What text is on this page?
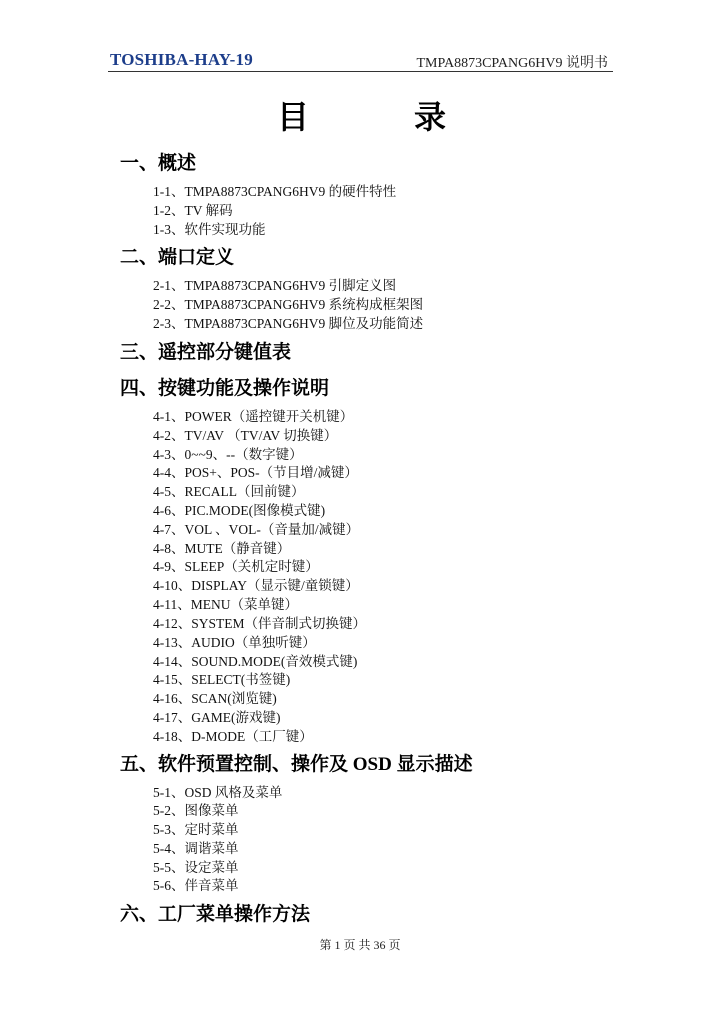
TOSHIBA-HAY-19	TMPA8873CPANG6HV9 说明书
目	录
一、概述
1-1、TMPA8873CPANG6HV9 的硬件特性
1-2、TV 解码
1-3、软件实现功能
二、端口定义
2-1、TMPA8873CPANG6HV9 引脚定义图
2-2、TMPA8873CPANG6HV9 系统构成框架图
2-3、TMPA8873CPANG6HV9 脚位及功能简述
三、遥控部分键值表
四、按键功能及操作说明
4-1、POWER（遥控键开关机键）
4-2、TV/AV （TV/AV 切换键）
4-3、0~~9、--（数字键）
4-4、POS+、POS-（节目增/减键）
4-5、RECALL（回前键）
4-6、PIC.MODE(图像模式键)
4-7、VOL 、VOL-（音量加/减键）
4-8、MUTE（静音键）
4-9、SLEEP（关机定时键）
4-10、DISPLAY（显示键/童锁键）
4-11、MENU（菜单键）
4-12、SYSTEM（伴音制式切换键）
4-13、AUDIO（单独听键）
4-14、SOUND.MODE(音效模式键)
4-15、SELECT(书签键)
4-16、SCAN(浏览键)
4-17、GAME(游戏键)
4-18、D-MODE（工厂键）
五、软件预置控制、操作及 OSD 显示描述
5-1、OSD 风格及菜单
5-2、图像菜单
5-3、定时菜单
5-4、调谐菜单
5-5、设定菜单
5-6、伴音菜单
六、工厂菜单操作方法
第 1 页 共 36 页
